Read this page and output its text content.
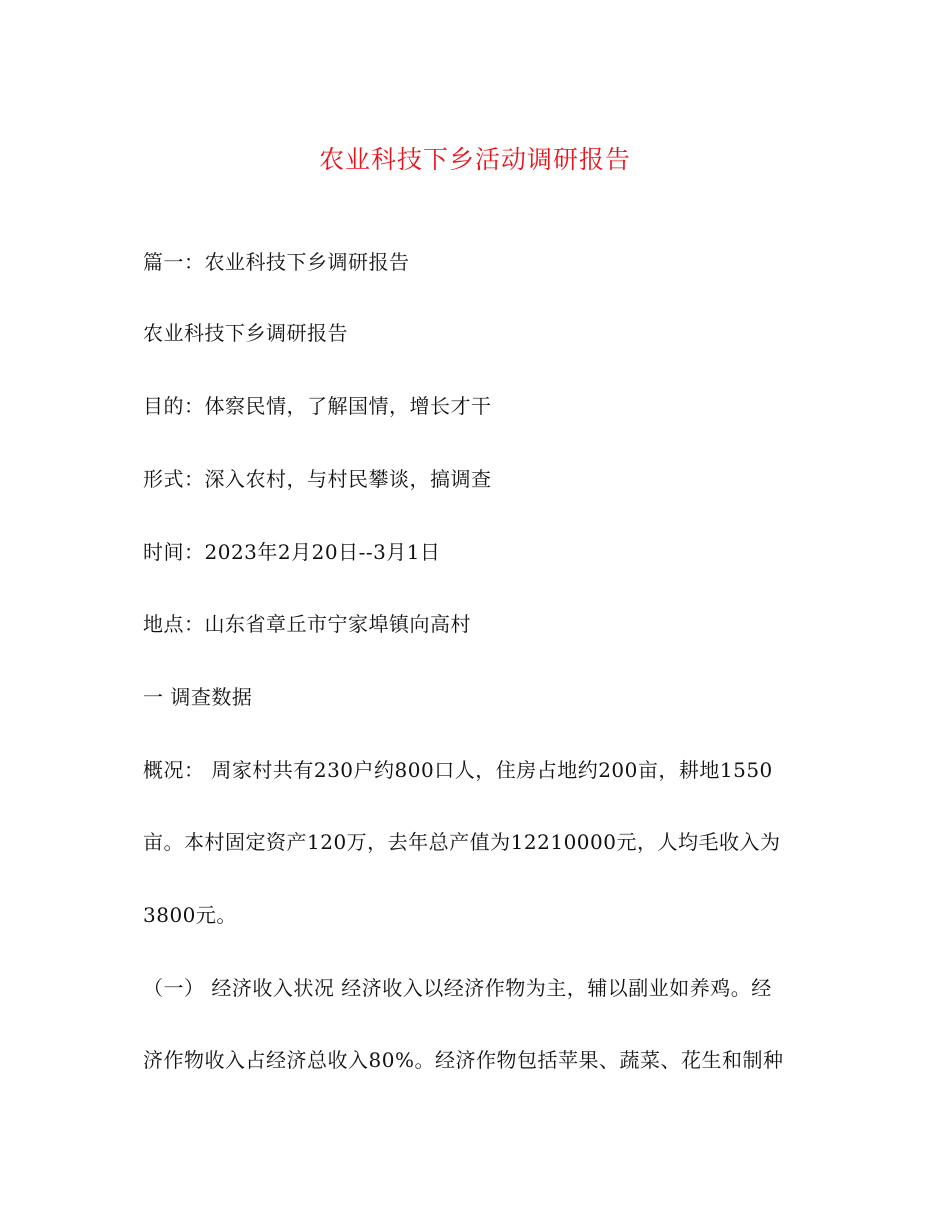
农业科技下乡活动调研报告
篇一：农业科技下乡调研报告
农业科技下乡调研报告
目的：体察民情，了解国情，增长才干
形式：深入农村，与村民攀谈，搞调查
时间：2023年2月20日--3月1日
地点：山东省章丘市宁家埠镇向高村
一 调查数据
概况： 周家村共有230户约800口人，住房占地约200亩，耕地1550
亩。本村固定资产120万，去年总产值为12210000元，人均毛收入为
3800元。
（一） 经济收入状况 经济收入以经济作物为主，辅以副业如养鸡。经
济作物收入占经济总收入80%。经济作物包括苹果、蔬菜、花生和制种
